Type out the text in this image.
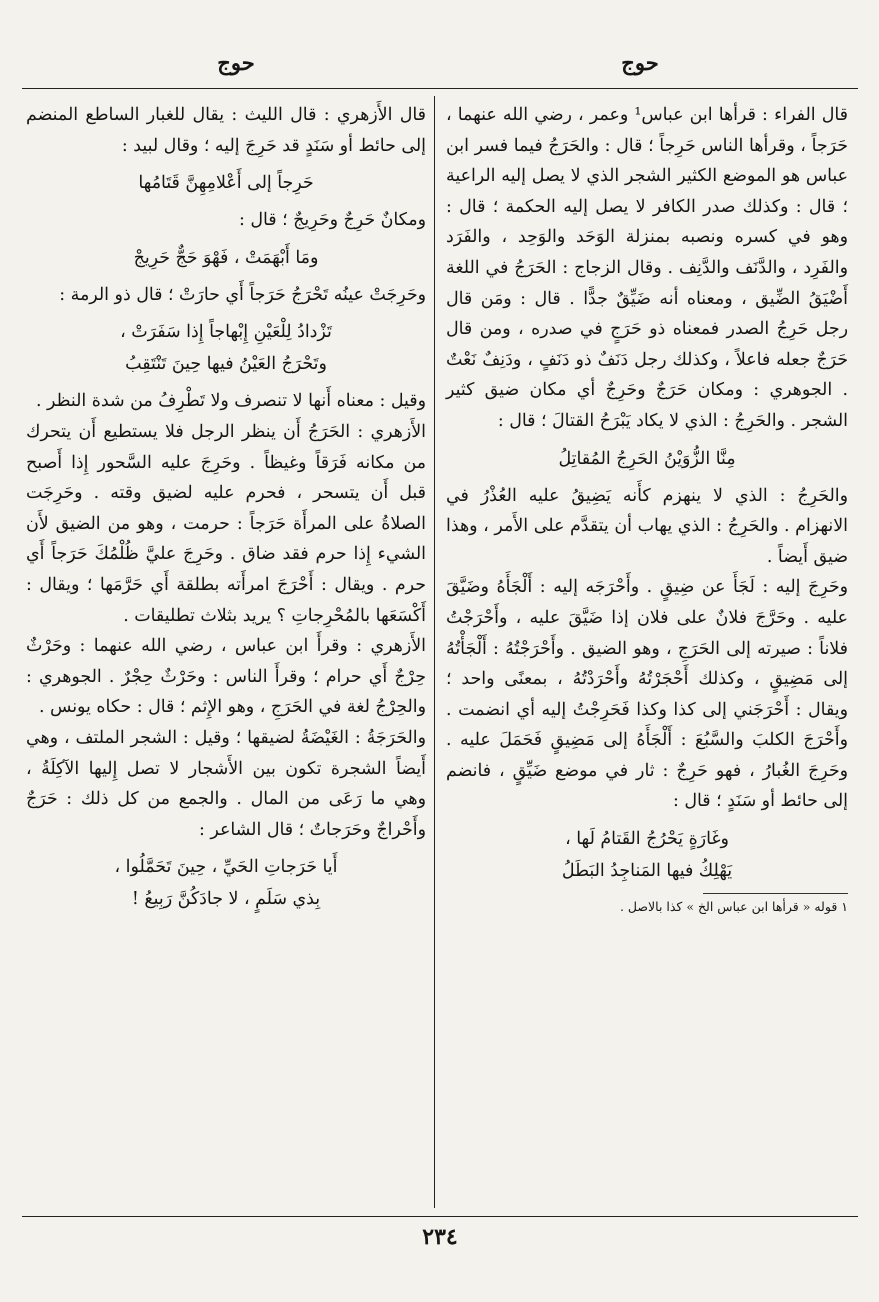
حوج
حوج

قال الفراء : قرأها ابن عباس¹ وعمر ، رضي الله عنهما ، حَرَجاً ، وقرأها الناس حَرِجاً ؛ قال : والحَرَجُ فيما فسر ابن عباس هو الموضع الكثير الشجر الذي لا يصل إليه الراعية ؛ قال : وكذلك صدر الكافر لا يصل إليه الحكمة ؛ قال : وهو في كسره ونصبه بمنزلة الوَحَد والوَحِد ، والفَرَد والفَرِد ، والدَّنَف والدَّنِف . وقال الزجاج : الحَرَجُ في اللغة أَضْيَقُ الضِّيق ، ومعناه أنه ضَيِّقٌ جدًّا . قال : ومَن قال رجل حَرِجُ الصدر فمعناه ذو حَرَجٍ في صدره ، ومن قال حَرَجٌ جعله فاعلاً ، وكذلك رجل دَنَفٌ ذو دَنَفٍ ، ودَنِفٌ نَعْتٌ . الجوهري : ومكان حَرَجٌ وحَرِجٌ أي مكان ضيق كثير الشجر . والحَرِجُ : الذي لا يكاد يَبْرَحُ القتالَ ؛ قال :

مِنَّا الزُّوَيْنُ الحَرِجُ المُقاتِلُ

والحَرِجُ : الذي لا ينهزم كأَنه يَضِيقُ عليه العُذْرُ في الانهزام . والحَرِجُ : الذي يهاب أن يتقدَّم على الأَمر ، وهذا ضيق أَيضاً .

وحَرِجَ إليه : لَجَأَ عن ضِيقٍ . وأَحْرَجَه إليه : أَلْجَأَهُ وضَيَّقَ عليه . وحَرَّجَ فلانٌ على فلان إذا ضَيَّقَ عليه ، وأَحْرَجْتُ فلاناً : صيرته إلى الحَرَجِ ، وهو الضيق . وأَحْرَجْتُهُ : أَلْجَأْتُهُ إلى مَضِيقٍ ، وكذلك أَحْجَرْتُهُ وأَحْرَدْتُهُ ، بمعنًى واحد ؛ ويقال : أَحْرَجَني إلى كذا وكذا فَحَرِجْتُ إليه أي انضمت . وأَحْرَجَ الكلبَ والسَّبُعَ : أَلْجَأَهُ إلى مَضِيقٍ فَحَمَلَ عليه . وحَرِجَ الغُبارُ ، فهو حَرِجٌ : ثار في موضع ضَيِّقٍ ، فانضم إلى حائط أو سَنَدٍ ؛ قال :

وغَارَةٍ يَحْرُجُ القَتامُ لَها ،
يَهْلِكُ فيها المَناجِدُ البَطَلُ
١ قوله « قرأها ابن عباس الخ » كذا بالاصل .

قال الأَزهري : قال الليث : يقال للغبار الساطع المنضم إلى حائط أو سَنَدٍ قد حَرِجَ إليه ؛ وقال لبيد :

حَرِجاً إلى أَعْلامِهِنَّ قَتَامُها

ومكانٌ حَرِجٌ وحَرِيجٌ ؛ قال :

ومَا أَبْهَمَتْ ، فَهْوَ حَجٌّ حَرِيجْ

وحَرِجَتْ عينُه تَحْرَجُ حَرَجاً أَي حارَتْ ؛ قال ذو الرمة :

تَزْدادُ لِلْعَيْنِ إِبْهاجاً إِذا سَفَرَتْ ،
وتَحْرَجُ العَيْنُ فيها حِينَ تَنْتَقِبُ

وقيل : معناه أَنها لا تنصرف ولا تَطْرِفُ من شدة النظر .

الأَزهري : الحَرَجُ أَن ينظر الرجل فلا يستطيع أَن يتحرك من مكانه فَرَقاً وغيظاً . وحَرِجَ عليه السَّحور إِذا أَصبح قبل أَن يتسحر ، فحرم عليه لضيق وقته . وحَرِجَت الصلاةُ على المرأَة حَرَجاً : حرمت ، وهو من الضيق لأَن الشيء إِذا حرم فقد ضاق . وحَرِجَ عليَّ ظُلْمُكَ حَرَجاً أَي حرم . ويقال : أَحْرَجَ امرأَته بطلقة أَي حَرَّمَها ؛ ويقال : أَكْسَعَها بالمُحْرِجاتِ ؟ يريد بثلاث تطليقات .

الأَزهري : وقرأَ ابن عباس ، رضي الله عنهما : وحَرْثٌ حِرْجٌ أَي حرام ؛ وقرأَ الناس : وحَرْثٌ حِجْرٌ . الجوهري : والحِرْجُ لغة في الحَرَجِ ، وهو الإِثم ؛ قال : حكاه يونس .

والحَرَجَةُ : الغَيْضَةُ لضيقها ؛ وقيل : الشجر الملتف ، وهي أَيضاً الشجرة تكون بين الأَشجار لا تصل إِليها الآكِلَةُ ، وهي ما رَعَى من المال . والجمع من كل ذلك : حَرَجٌ وأَحْراجٌ وحَرَجاتٌ ؛ قال الشاعر :

أَيا حَرَجاتِ الحَيِّ ، حِينَ تَحَمَّلُوا ،
بِذي سَلَمٍ ، لا جادَكُنَّ رَبِيعُ !
٢٣٤
